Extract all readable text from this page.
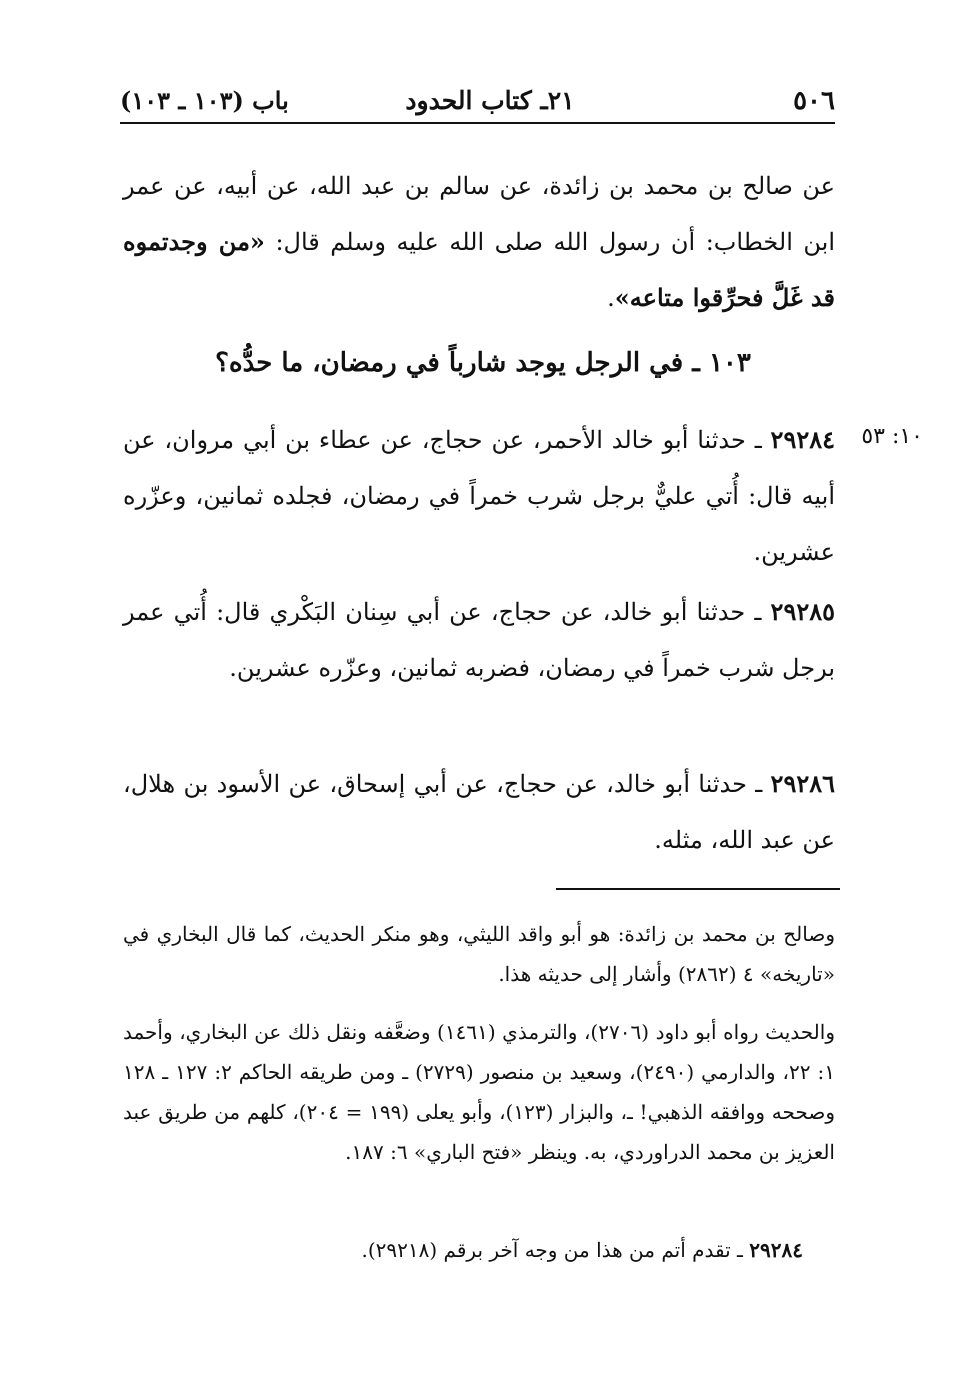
٥٠٦
٢١ـ كتاب الحدود
باب (١٠٣ ـ ١٠٣)
عن صالح بن محمد بن زائدة، عن سالم بن عبد الله، عن أبيه، عن عمر ابن الخطاب: أن رسول الله صلى الله عليه وسلم قال: «من وجدتموه قد غَلَّ فحرِّقوا متاعه».
١٠٣ ـ في الرجل يوجد شارباً في رمضان، ما حدُّه؟
١٠: ٥٣
٢٩٢٨٤ ـ حدثنا أبو خالد الأحمر، عن حجاج، عن عطاء بن أبي مروان، عن أبيه قال: أُتي عليٌّ برجل شرب خمراً في رمضان، فجلده ثمانين، وعزّره عشرين.
٢٩٢٨٥ ـ حدثنا أبو خالد، عن حجاج، عن أبي سِنان البَكْري قال: أُتي عمر برجل شرب خمراً في رمضان، فضربه ثمانين، وعزّره عشرين.
٢٩٢٨٦ ـ حدثنا أبو خالد، عن حجاج، عن أبي إسحاق، عن الأسود بن هلال، عن عبد الله، مثله.
وصالح بن محمد بن زائدة: هو أبو واقد الليثي، وهو منكر الحديث، كما قال البخاري في «تاريخه» ٤ (٢٨٦٢) وأشار إلى حديثه هذا.
والحديث رواه أبو داود (٢٧٠٦)، والترمذي (١٤٦١) وضعَّفه ونقل ذلك عن البخاري، وأحمد ١: ٢٢، والدارمي (٢٤٩٠)، وسعيد بن منصور (٢٧٢٩) ـ ومن طريقه الحاكم ٢: ١٢٧ ـ ١٢٨ وصححه ووافقه الذهبي! ـ، والبزار (١٢٣)، وأبو يعلى (١٩٩ = ٢٠٤)، كلهم من طريق عبد العزيز بن محمد الدراوردي، به. وينظر «فتح الباري» ٦: ١٨٧.
٢٩٢٨٤ ـ تقدم أتم من هذا من وجه آخر برقم (٢٩٢١٨).
